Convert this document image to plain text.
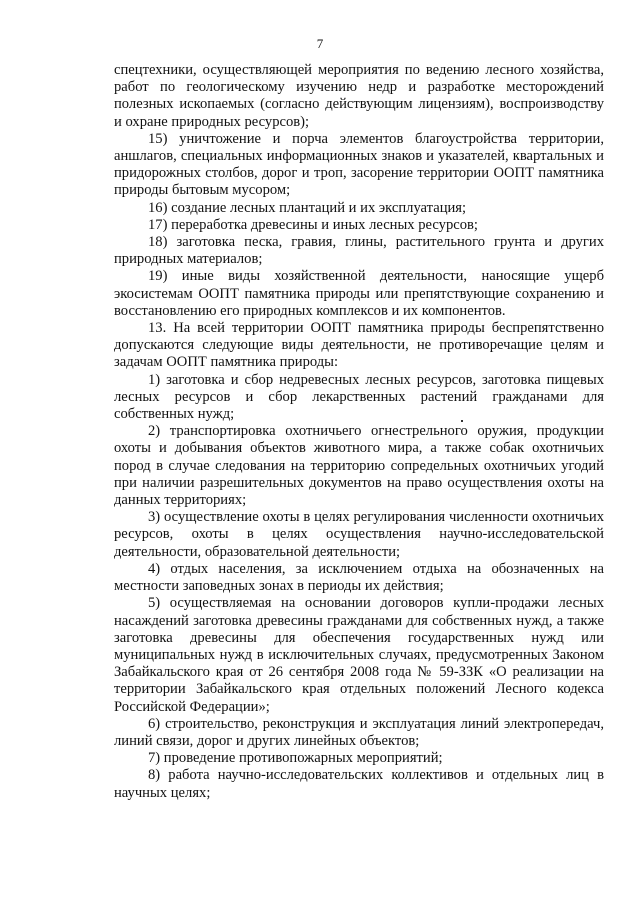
7

спецтехники, осуществляющей мероприятия по ведению лесного хозяйства, работ по геологическому изучению недр и разработке месторождений полезных ископаемых (согласно действующим лицензиям), воспроизводству и охране природных ресурсов);

15) уничтожение и порча элементов благоустройства территории, аншлагов, специальных информационных знаков и указателей, квартальных и придорожных столбов, дорог и троп, засорение территории ООПТ памятника природы бытовым мусором;

16) создание лесных плантаций и их эксплуатация;

17) переработка древесины и иных лесных ресурсов;

18) заготовка песка, гравия, глины, растительного грунта и других природных материалов;

19) иные виды хозяйственной деятельности, наносящие ущерб экосистемам ООПТ памятника природы или препятствующие сохранению и восстановлению его природных комплексов и их компонентов.

13. На всей территории ООПТ памятника природы беспрепятственно допускаются следующие виды деятельности, не противоречащие целям и задачам ООПТ памятника природы:

1) заготовка и сбор недревесных лесных ресурсов, заготовка пищевых лесных ресурсов и сбор лекарственных растений гражданами для собственных нужд;

2) транспортировка охотничьего огнестрельного оружия, продукции охоты и добывания объектов животного мира, а также собак охотничьих пород в случае следования на территорию сопредельных охотничьих угодий при наличии разрешительных документов на право осуществления охоты на данных территориях;

3) осуществление охоты в целях регулирования численности охотничьих ресурсов, охоты в целях осуществления научно-исследовательской деятельности, образовательной деятельности;

4) отдых населения, за исключением отдыха на обозначенных на местности заповедных зонах в периоды их действия;

5) осуществляемая на основании договоров купли-продажи лесных насаждений заготовка древесины гражданами для собственных нужд, а также заготовка древесины для обеспечения государственных нужд или муниципальных нужд в исключительных случаях, предусмотренных Законом Забайкальского края от 26 сентября 2008 года № 59-ЗЗК «О реализации на территории Забайкальского края отдельных положений Лесного кодекса Российской Федерации»;

6) строительство, реконструкция и эксплуатация линий электропередач, линий связи, дорог и других линейных объектов;

7) проведение противопожарных мероприятий;

8) работа научно-исследовательских коллективов и отдельных лиц в научных целях;
